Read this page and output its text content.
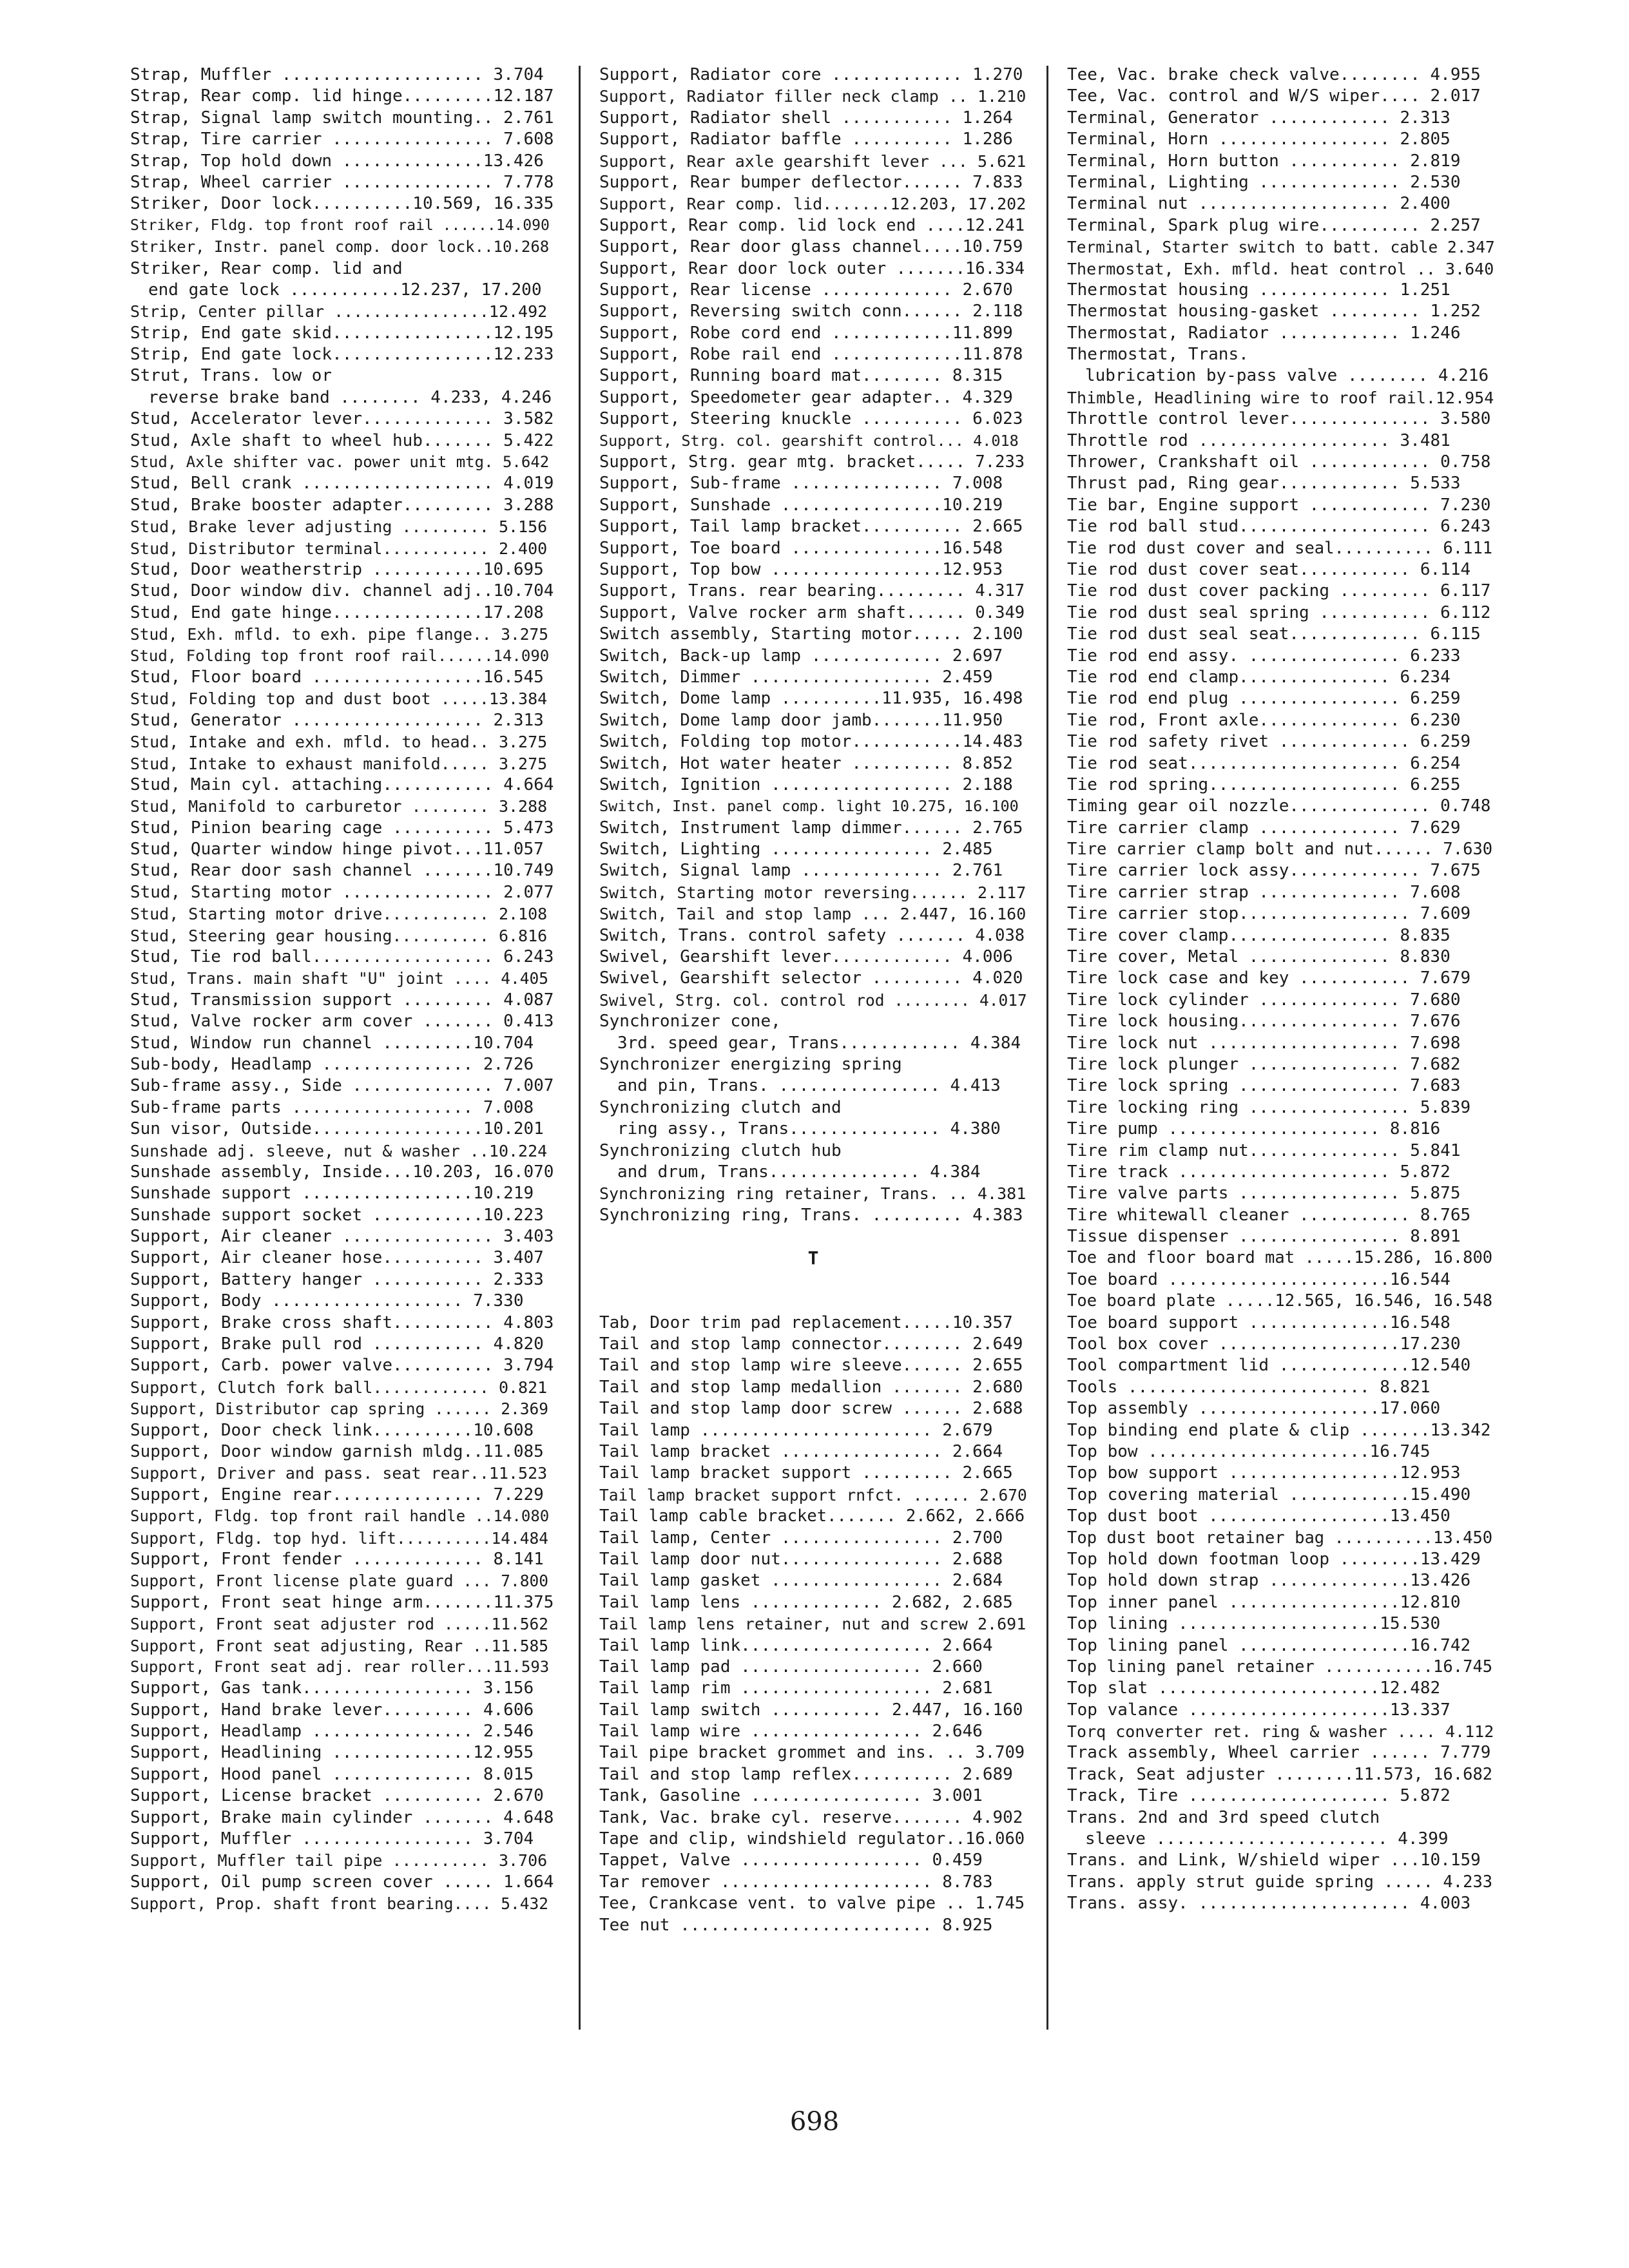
Strap, Muffler .................... 3.704
Strap, Rear comp. lid hinge.........12.187
Strap, Signal lamp switch mounting.. 2.761
Strap, Tire carrier ................ 7.608
Strap, Top hold down ..............13.426
Strap, Wheel carrier ............... 7.778
Striker, Door lock..........10.569, 16.335
Striker, Fldg. top front roof rail ......14.090
Striker, Instr. panel comp. door lock..10.268
Striker, Rear comp. lid and
end gate lock ...........12.237, 17.200
Strip, Center pillar ................12.492
Strip, End gate skid................12.195
Strip, End gate lock................12.233
Strut, Trans. low or
reverse brake band ........ 4.233, 4.246
Stud, Accelerator lever............. 3.582
Stud, Axle shaft to wheel hub....... 5.422
Stud, Axle shifter vac. power unit mtg. 5.642
Stud, Bell crank ................... 4.019
Stud, Brake booster adapter......... 3.288
Stud, Brake lever adjusting ......... 5.156
Stud, Distributor terminal........... 2.400
Stud, Door weatherstrip ...........10.695
Stud, Door window div. channel adj..10.704
Stud, End gate hinge...............17.208
Stud, Exh. mfld. to exh. pipe flange.. 3.275
Stud, Folding top front roof rail......14.090
Stud, Floor board .................16.545
Stud, Folding top and dust boot .....13.384
Stud, Generator ................... 2.313
Stud, Intake and exh. mfld. to head.. 3.275
Stud, Intake to exhaust manifold..... 3.275
Stud, Main cyl. attaching........... 4.664
Stud, Manifold to carburetor ........ 3.288
Stud, Pinion bearing cage .......... 5.473
Stud, Quarter window hinge pivot...11.057
Stud, Rear door sash channel .......10.749
Stud, Starting motor ............... 2.077
Stud, Starting motor drive........... 2.108
Stud, Steering gear housing.......... 6.816
Stud, Tie rod ball.................. 6.243
Stud, Trans. main shaft "U" joint .... 4.405
Stud, Transmission support ......... 4.087
Stud, Valve rocker arm cover ....... 0.413
Stud, Window run channel .........10.704
Sub-body, Headlamp ............... 2.726
Sub-frame assy., Side .............. 7.007
Sub-frame parts .................. 7.008
Sun visor, Outside.................10.201
Sunshade adj. sleeve, nut & washer ..10.224
Sunshade assembly, Inside...10.203, 16.070
Sunshade support .................10.219
Sunshade support socket ...........10.223
Support, Air cleaner ............... 3.403
Support, Air cleaner hose.......... 3.407
Support, Battery hanger ........... 2.333
Support, Body ................... 7.330
Support, Brake cross shaft.......... 4.803
Support, Brake pull rod ........... 4.820
Support, Carb. power valve.......... 3.794
Support, Clutch fork ball............ 0.821
Support, Distributor cap spring ...... 2.369
Support, Door check link..........10.608
Support, Door window garnish mldg..11.085
Support, Driver and pass. seat rear..11.523
Support, Engine rear............... 7.229
Support, Fldg. top front rail handle ..14.080
Support, Fldg. top hyd. lift..........14.484
Support, Front fender ............. 8.141
Support, Front license plate guard ... 7.800
Support, Front seat hinge arm.......11.375
Support, Front seat adjuster rod .....11.562
Support, Front seat adjusting, Rear ..11.585
Support, Front seat adj. rear roller...11.593
Support, Gas tank................. 3.156
Support, Hand brake lever......... 4.606
Support, Headlamp ................ 2.546
Support, Headlining ..............12.955
Support, Hood panel .............. 8.015
Support, License bracket .......... 2.670
Support, Brake main cylinder ....... 4.648
Support, Muffler ................. 3.704
Support, Muffler tail pipe .......... 3.706
Support, Oil pump screen cover ..... 1.664
Support, Prop. shaft front bearing.... 5.432
Support, Radiator core ............. 1.270
Support, Radiator filler neck clamp .. 1.210
Support, Radiator shell ........... 1.264
Support, Radiator baffle .......... 1.286
Support, Rear axle gearshift lever ... 5.621
Support, Rear bumper deflector...... 7.833
Support, Rear comp. lid.......12.203, 17.202
Support, Rear comp. lid lock end ....12.241
Support, Rear door glass channel....10.759
Support, Rear door lock outer .......16.334
Support, Rear license ............. 2.670
Support, Reversing switch conn...... 2.118
Support, Robe cord end ............11.899
Support, Robe rail end .............11.878
Support, Running board mat........ 8.315
Support, Speedometer gear adapter.. 4.329
Support, Steering knuckle .......... 6.023
Support, Strg. col. gearshift control... 4.018
Support, Strg. gear mtg. bracket..... 7.233
Support, Sub-frame ............... 7.008
Support, Sunshade ................10.219
Support, Tail lamp bracket.......... 2.665
Support, Toe board ...............16.548
Support, Top bow .................12.953
Support, Trans. rear bearing......... 4.317
Support, Valve rocker arm shaft...... 0.349
Switch assembly, Starting motor..... 2.100
Switch, Back-up lamp ............. 2.697
Switch, Dimmer .................. 2.459
Switch, Dome lamp ..........11.935, 16.498
Switch, Dome lamp door jamb.......11.950
Switch, Folding top motor...........14.483
Switch, Hot water heater .......... 8.852
Switch, Ignition .................. 2.188
Switch, Inst. panel comp. light 10.275, 16.100
Switch, Instrument lamp dimmer...... 2.765
Switch, Lighting ................ 2.485
Switch, Signal lamp .............. 2.761
Switch, Starting motor reversing...... 2.117
Switch, Tail and stop lamp ... 2.447, 16.160
Switch, Trans. control safety ....... 4.038
Swivel, Gearshift lever............ 4.006
Swivel, Gearshift selector ......... 4.020
Swivel, Strg. col. control rod ........ 4.017
Synchronizer cone,
3rd. speed gear, Trans............ 4.384
Synchronizer energizing spring
and pin, Trans. ................ 4.413
Synchronizing clutch and
ring assy., Trans............... 4.380
Synchronizing clutch hub
and drum, Trans............... 4.384
Synchronizing ring retainer, Trans. .. 4.381
Synchronizing ring, Trans. ......... 4.383
T
Tab, Door trim pad replacement.....10.357
Tail and stop lamp connector........ 2.649
Tail and stop lamp wire sleeve...... 2.655
Tail and stop lamp medallion ....... 2.680
Tail and stop lamp door screw ...... 2.688
Tail lamp ....................... 2.679
Tail lamp bracket ................ 2.664
Tail lamp bracket support ......... 2.665
Tail lamp bracket support rnfct. ...... 2.670
Tail lamp cable bracket....... 2.662, 2.666
Tail lamp, Center ................ 2.700
Tail lamp door nut................ 2.688
Tail lamp gasket ................. 2.684
Tail lamp lens ............. 2.682, 2.685
Tail lamp lens retainer, nut and screw 2.691
Tail lamp link................... 2.664
Tail lamp pad .................. 2.660
Tail lamp rim ................... 2.681
Tail lamp switch ........... 2.447, 16.160
Tail lamp wire ................. 2.646
Tail pipe bracket grommet and ins. .. 3.709
Tail and stop lamp reflex.......... 2.689
Tank, Gasoline ................. 3.001
Tank, Vac. brake cyl. reserve....... 4.902
Tape and clip, windshield regulator..16.060
Tappet, Valve .................. 0.459
Tar remover ..................... 8.783
Tee, Crankcase vent. to valve pipe .. 1.745
Tee nut ......................... 8.925
Tee, Vac. brake check valve........ 4.955
Tee, Vac. control and W/S wiper.... 2.017
Terminal, Generator ............ 2.313
Terminal, Horn ................. 2.805
Terminal, Horn button ........... 2.819
Terminal, Lighting .............. 2.530
Terminal nut ................... 2.400
Terminal, Spark plug wire.......... 2.257
Terminal, Starter switch to batt. cable 2.347
Thermostat, Exh. mfld. heat control .. 3.640
Thermostat housing ............. 1.251
Thermostat housing-gasket ......... 1.252
Thermostat, Radiator ............ 1.246
Thermostat, Trans.
lubrication by-pass valve ........ 4.216
Thimble, Headlining wire to roof rail.12.954
Throttle control lever.............. 3.580
Throttle rod ................... 3.481
Thrower, Crankshaft oil ............ 0.758
Thrust pad, Ring gear............ 5.533
Tie bar, Engine support ............ 7.230
Tie rod ball stud................... 6.243
Tie rod dust cover and seal.......... 6.111
Tie rod dust cover seat........... 6.114
Tie rod dust cover packing ......... 6.117
Tie rod dust seal spring ........... 6.112
Tie rod dust seal seat............. 6.115
Tie rod end assy. ............... 6.233
Tie rod end clamp............... 6.234
Tie rod end plug ................ 6.259
Tie rod, Front axle.............. 6.230
Tie rod safety rivet ............. 6.259
Tie rod seat..................... 6.254
Tie rod spring................... 6.255
Timing gear oil nozzle.............. 0.748
Tire carrier clamp .............. 7.629
Tire carrier clamp bolt and nut...... 7.630
Tire carrier lock assy............. 7.675
Tire carrier strap .............. 7.608
Tire carrier stop................. 7.609
Tire cover clamp................ 8.835
Tire cover, Metal .............. 8.830
Tire lock case and key ........... 7.679
Tire lock cylinder .............. 7.680
Tire lock housing................ 7.676
Tire lock nut ................... 7.698
Tire lock plunger ............... 7.682
Tire lock spring ................ 7.683
Tire locking ring ................ 5.839
Tire pump ..................... 8.816
Tire rim clamp nut............... 5.841
Tire track ..................... 5.872
Tire valve parts ................ 5.875
Tire whitewall cleaner ........... 8.765
Tissue dispenser ................ 8.891
Toe and floor board mat .....15.286, 16.800
Toe board ......................16.544
Toe board plate .....12.565, 16.546, 16.548
Toe board support ..............16.548
Tool box cover ..................17.230
Tool compartment lid .............12.540
Tools ........................ 8.821
Top assembly ..................17.060
Top binding end plate & clip .......13.342
Top bow ......................16.745
Top bow support .................12.953
Top covering material ............15.490
Top dust boot ..................13.450
Top dust boot retainer bag ..........13.450
Top hold down footman loop ........13.429
Top hold down strap ..............13.426
Top inner panel .................12.810
Top lining ....................15.530
Top lining panel .................16.742
Top lining panel retainer ...........16.745
Top slat ......................12.482
Top valance ....................13.337
Torq converter ret. ring & washer .... 4.112
Track assembly, Wheel carrier ...... 7.779
Track, Seat adjuster ........11.573, 16.682
Track, Tire .................... 5.872
Trans. 2nd and 3rd speed clutch
sleeve ....................... 4.399
Trans. and Link, W/shield wiper ...10.159
Trans. apply strut guide spring ..... 4.233
Trans. assy. ..................... 4.003
698
